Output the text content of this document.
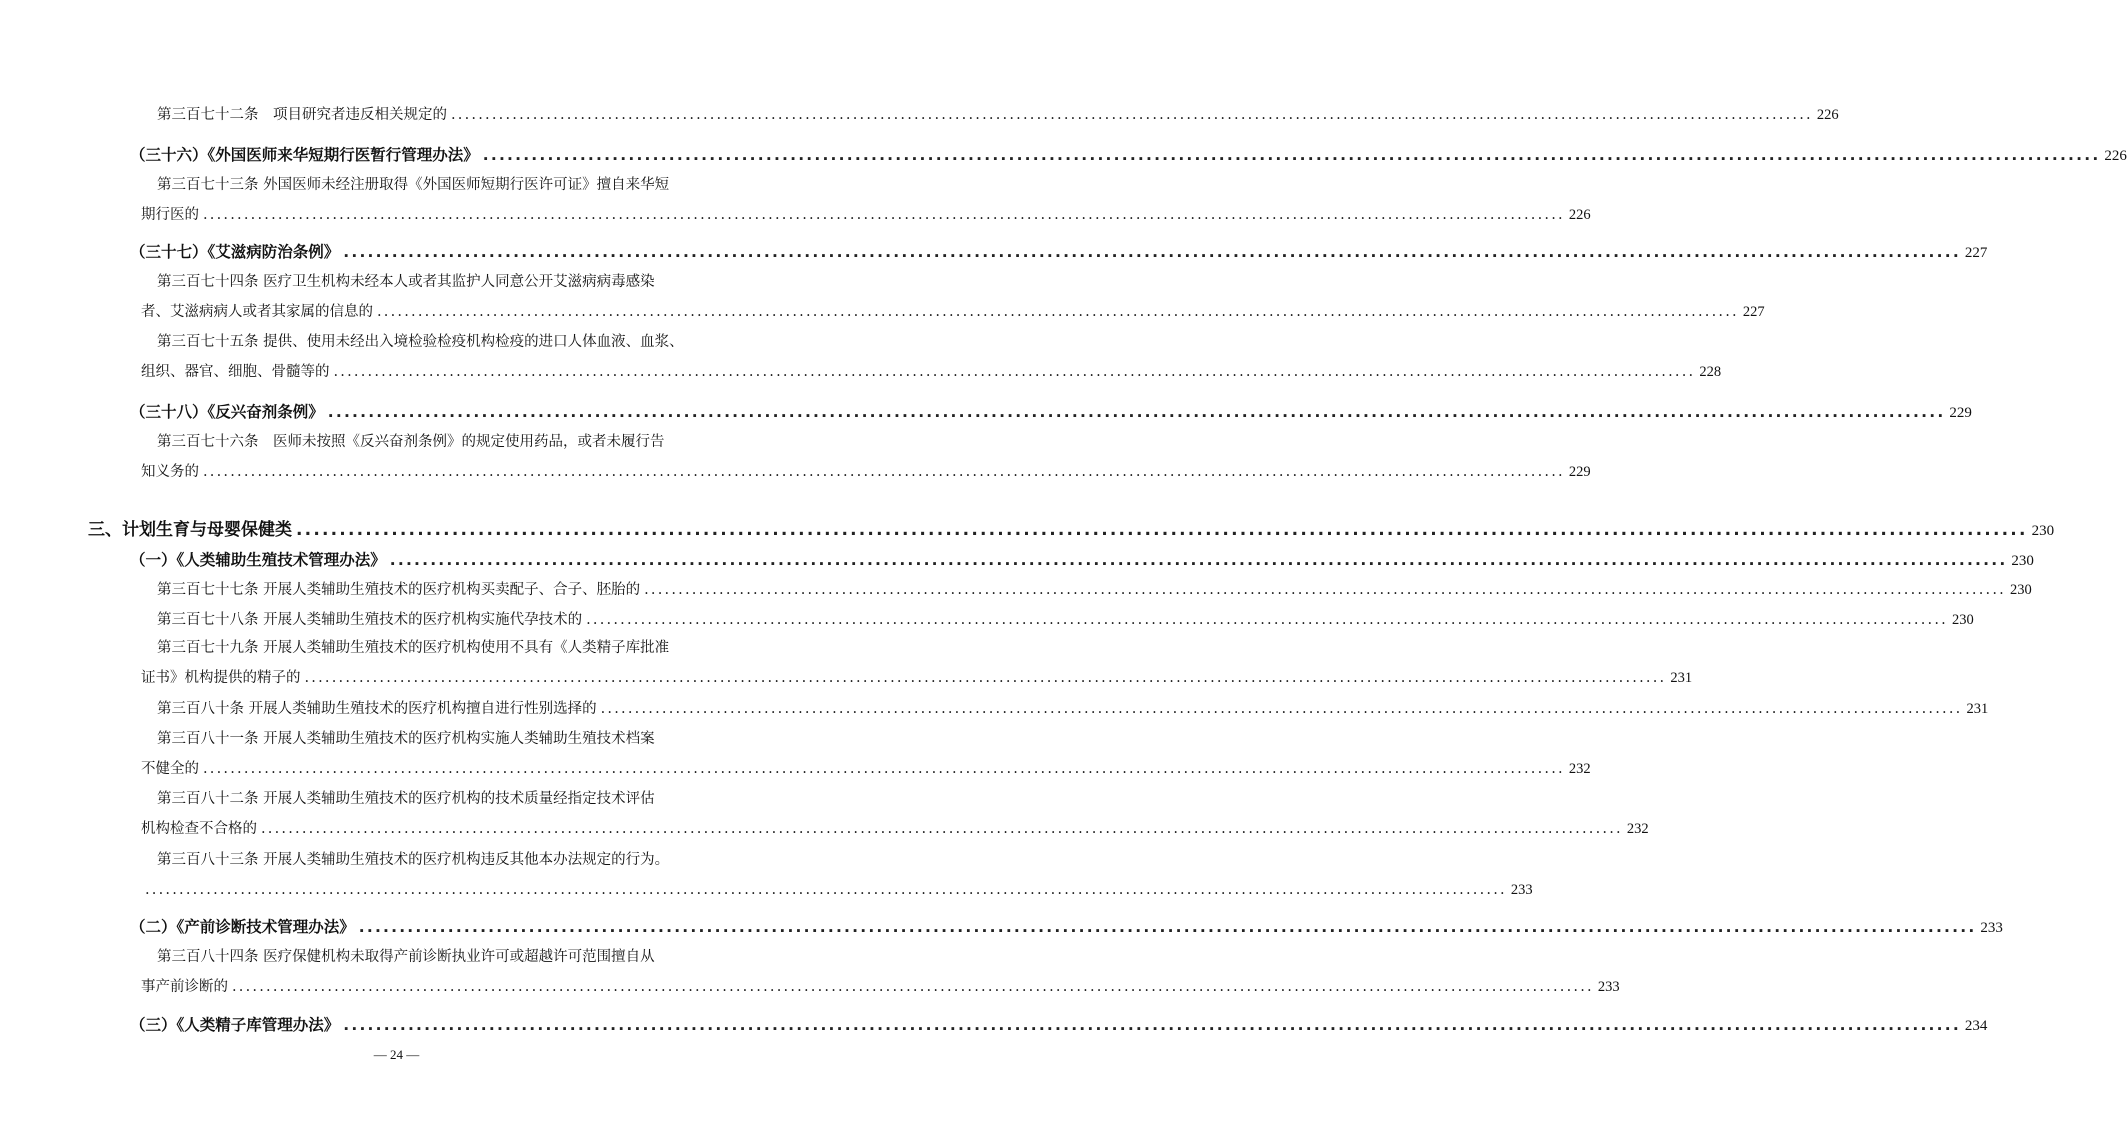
第三百七十二条　项目研究者违反相关规定的 ........................................................................................................................................................................................................ 226
（三十六）《外国医师来华短期行医暂行管理办法》 ........................................................................................................................................................................................................ 226
第三百七十三条 外国医师未经注册取得《外国医师短期行医许可证》擅自来华短
期行医的 ........................................................................................................................................................................................................ 226
（三十七）《艾滋病防治条例》 ........................................................................................................................................................................................................ 227
第三百七十四条 医疗卫生机构未经本人或者其监护人同意公开艾滋病病毒感染
者、艾滋病病人或者其家属的信息的 ........................................................................................................................................................................................................ 227
第三百七十五条 提供、使用未经出入境检验检疫机构检疫的进口人体血液、血浆、
组织、器官、细胞、骨髓等的 ........................................................................................................................................................................................................ 228
（三十八）《反兴奋剂条例》 ........................................................................................................................................................................................................ 229
第三百七十六条　医师未按照《反兴奋剂条例》的规定使用药品，或者未履行告
知义务的 ........................................................................................................................................................................................................ 229
三、计划生育与母婴保健类 ........................................................................................................................................................................................................ 230
（一）《人类辅助生殖技术管理办法》 ........................................................................................................................................................................................................ 230
第三百七十七条 开展人类辅助生殖技术的医疗机构买卖配子、合子、胚胎的 ........................................................................................................................................................................................................ 230
第三百七十八条 开展人类辅助生殖技术的医疗机构实施代孕技术的 ........................................................................................................................................................................................................ 230
第三百七十九条 开展人类辅助生殖技术的医疗机构使用不具有《人类精子库批准
证书》机构提供的精子的 ........................................................................................................................................................................................................ 231
第三百八十条 开展人类辅助生殖技术的医疗机构擅自进行性别选择的 ........................................................................................................................................................................................................ 231
第三百八十一条 开展人类辅助生殖技术的医疗机构实施人类辅助生殖技术档案
不健全的 ........................................................................................................................................................................................................ 232
第三百八十二条 开展人类辅助生殖技术的医疗机构的技术质量经指定技术评估
机构检查不合格的 ........................................................................................................................................................................................................ 232
第三百八十三条 开展人类辅助生殖技术的医疗机构违反其他本办法规定的行为。
........................................................................................................................................................................................................ 233
（二）《产前诊断技术管理办法》 ........................................................................................................................................................................................................ 233
第三百八十四条 医疗保健机构未取得产前诊断执业许可或超越许可范围擅自从
事产前诊断的 ........................................................................................................................................................................................................ 233
（三）《人类精子库管理办法》 ........................................................................................................................................................................................................ 234
— 24 —
